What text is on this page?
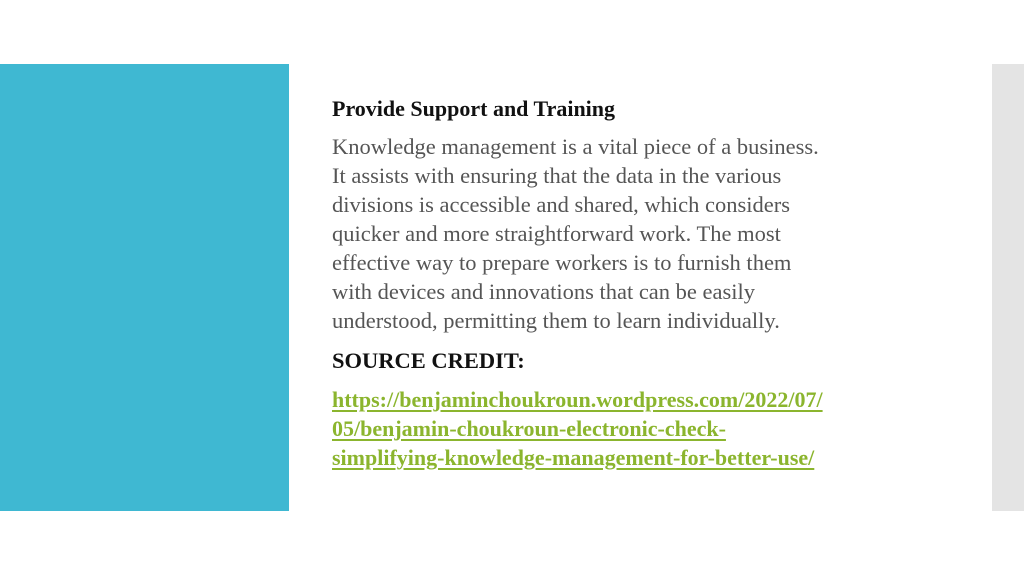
Provide Support and Training
Knowledge management is a vital piece of a business.
It assists with ensuring that the data in the various
divisions is accessible and shared, which considers
quicker and more straightforward work. The most
effective way to prepare workers is to furnish them
with devices and innovations that can be easily
understood, permitting them to learn individually.
SOURCE CREDIT:
https://benjaminchoukroun.wordpress.com/2022/07/
05/benjamin-choukroun-electronic-check-
simplifying-knowledge-management-for-better-use/
